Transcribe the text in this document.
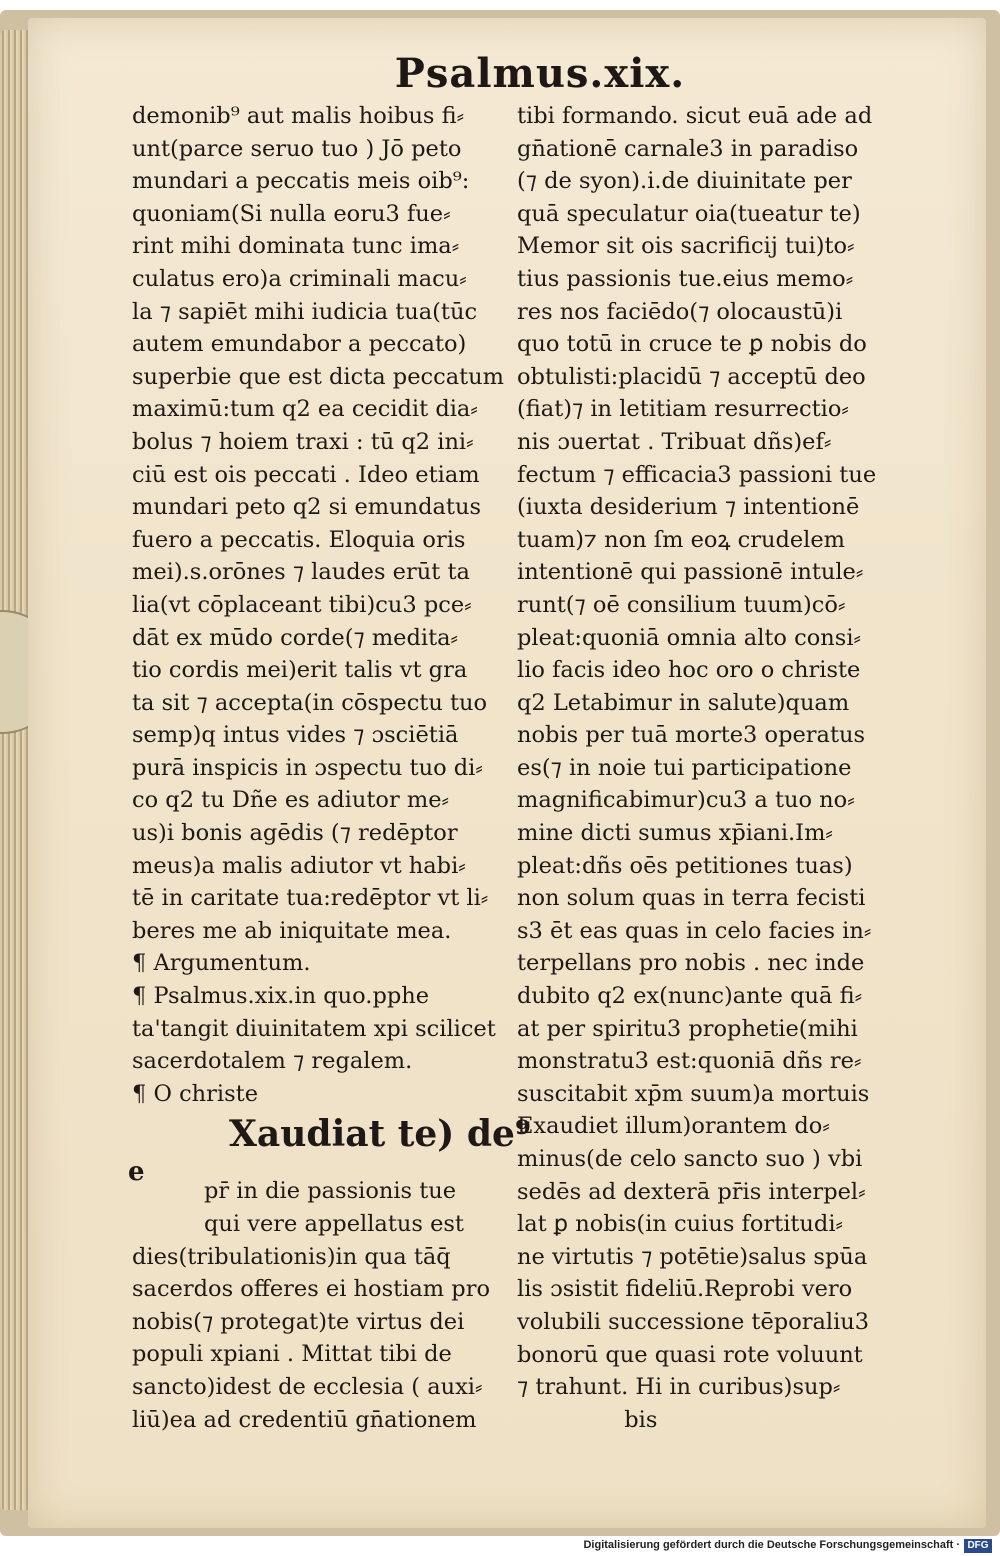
Psalmus.xix.
demonib⁹ aut malis hoibus fi⸗
unt(parce seruo tuo ) Jō peto
mundari a peccatis meis oib⁹:
quoniam(Si nulla eoru3 fue⸗
rint mihi dominata tunc ima⸗
culatus ero)a criminali macu⸗
la ⁊ sapiēt mihi iudicia tua(tūc
autem emundabor a peccato)
superbie que est dicta peccatum
maximū:tum q2 ea cecidit dia⸗
bolus ⁊ hoiem traxi : tū q2 ini⸗
ciū est ois peccati . Ideo etiam
mundari peto q2 si emundatus
fuero a peccatis. Eloquia oris
mei).s.orōnes ⁊ laudes erūt ta
lia(vt cōplaceant tibi)cu3 pce⸗
dāt ex mūdo corde(⁊ medita⸗
tio cordis mei)erit talis vt gra
ta sit ⁊ accepta(in cōspectu tuo
semp)q intus vides ⁊ ɔsciētiā
purā inspicis in ɔspectu tuo di⸗
co q2 tu Dñe es adiutor me⸗
us)i bonis agēdis (⁊ redēptor
meus)a malis adiutor vt habi⸗
tē in caritate tua:redēptor vt li⸗
beres me ab iniquitate mea.
¶ Argumentum.
¶ Psalmus.xix.in quo.pphe
ta'tangit diuinitatem xpi scilicet
sacerdotalem ⁊ regalem.
¶ O christe
Xaudiat te) de⁹
e
pr̄ in die passionis tue
qui vere appellatus est
dies(tribulationis)in qua tāq̄
sacerdos offeres ei hostiam pro
nobis(⁊ protegat)te virtus dei
populi xpiani . Mittat tibi de
sancto)idest de ecclesia ( auxi⸗
liū)ea ad credentiū gn̄ationem
tibi formando. sicut euā ade ad
gn̄ationē carnale3 in paradiso
(⁊ de syon).i.de diuinitate per
quā speculatur oia(tueatur te)
Memor sit ois sacrificij tui)to⸗
tius passionis tue.eius memo⸗
res nos faciēdo(⁊ olocaustū)i
quo totū in cruce te ꝑ nobis do
obtulisti:placidū ⁊ acceptū deo
(fiat)⁊ in letitiam resurrectio⸗
nis ɔuertat . Tribuat dñs)ef⸗
fectum ⁊ efficacia3 passioni tue
(iuxta desiderium ⁊ intentionē
tuam)⁊ non ſm eoꝝ crudelem
intentionē qui passionē intule⸗
runt(⁊ oē consilium tuum)cō⸗
pleat:quoniā omnia alto consi⸗
lio facis ideo hoc oro o christe
q2 Letabimur in salute)quam
nobis per tuā morte3 operatus
es(⁊ in noie tui participatione
magnificabimur)cu3 a tuo no⸗
mine dicti sumus xp̄iani.Im⸗
pleat:dñs oēs petitiones tuas)
non solum quas in terra fecisti
s3 ēt eas quas in celo facies in⸗
terpellans pro nobis . nec inde
dubito q2 ex(nunc)ante quā fi⸗
at per spiritu3 prophetie(mihi
monstratu3 est:quoniā dñs re⸗
suscitabit xp̄m suum)a mortuis
Exaudiet illum)orantem do⸗
minus(de celo sancto suo ) vbi
sedēs ad dexterā pr̄is interpel⸗
lat ꝑ nobis(in cuius fortitudi⸗
ne virtutis ⁊ potētie)salus spūa
lis ɔsistit fideliū.Reprobi vero
volubili successione tēporaliu3
bonorū que quasi rote voluunt
⁊ trahunt. Hi in curibus)sup⸗
bis
Digitalisierung gefördert durch die Deutsche Forschungsgemeinschaft · DFG
